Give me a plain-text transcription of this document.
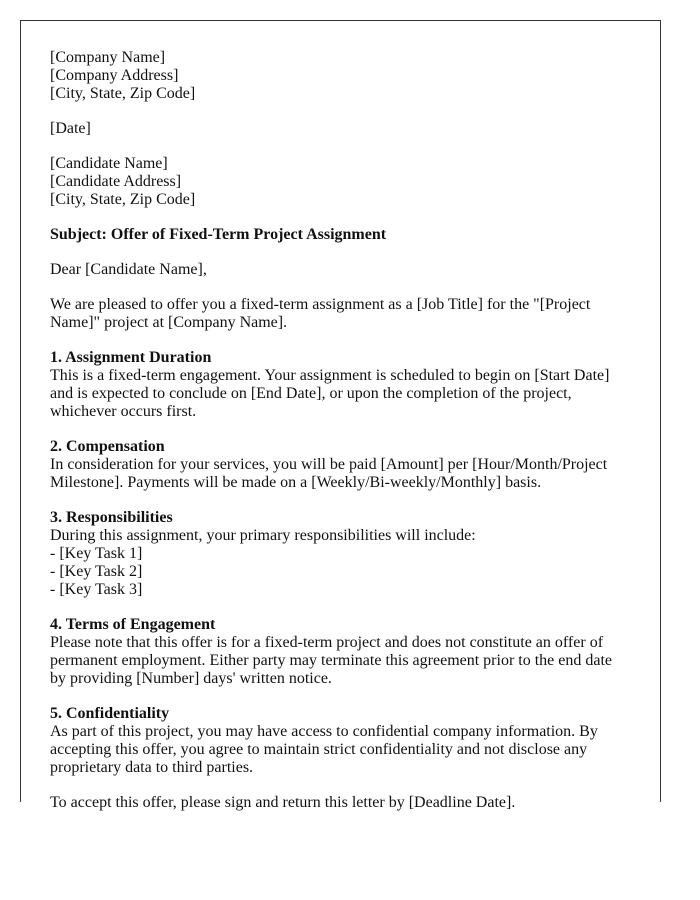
[Company Name]
[Company Address]
[City, State, Zip Code]

[Date]

[Candidate Name]
[Candidate Address]
[City, State, Zip Code]

Subject: Offer of Fixed-Term Project Assignment

Dear [Candidate Name],

We are pleased to offer you a fixed-term assignment as a [Job Title] for the "[Project Name]" project at [Company Name].

1. Assignment Duration
This is a fixed-term engagement. Your assignment is scheduled to begin on [Start Date] and is expected to conclude on [End Date], or upon the completion of the project, whichever occurs first.

2. Compensation
In consideration for your services, you will be paid [Amount] per [Hour/Month/Project Milestone]. Payments will be made on a [Weekly/Bi-weekly/Monthly] basis.

3. Responsibilities
During this assignment, your primary responsibilities will include:
- [Key Task 1]
- [Key Task 2]
- [Key Task 3]

4. Terms of Engagement
Please note that this offer is for a fixed-term project and does not constitute an offer of permanent employment. Either party may terminate this agreement prior to the end date by providing [Number] days' written notice.

5. Confidentiality
As part of this project, you may have access to confidential company information. By accepting this offer, you agree to maintain strict confidentiality and not disclose any proprietary data to third parties.

To accept this offer, please sign and return this letter by [Deadline Date].
